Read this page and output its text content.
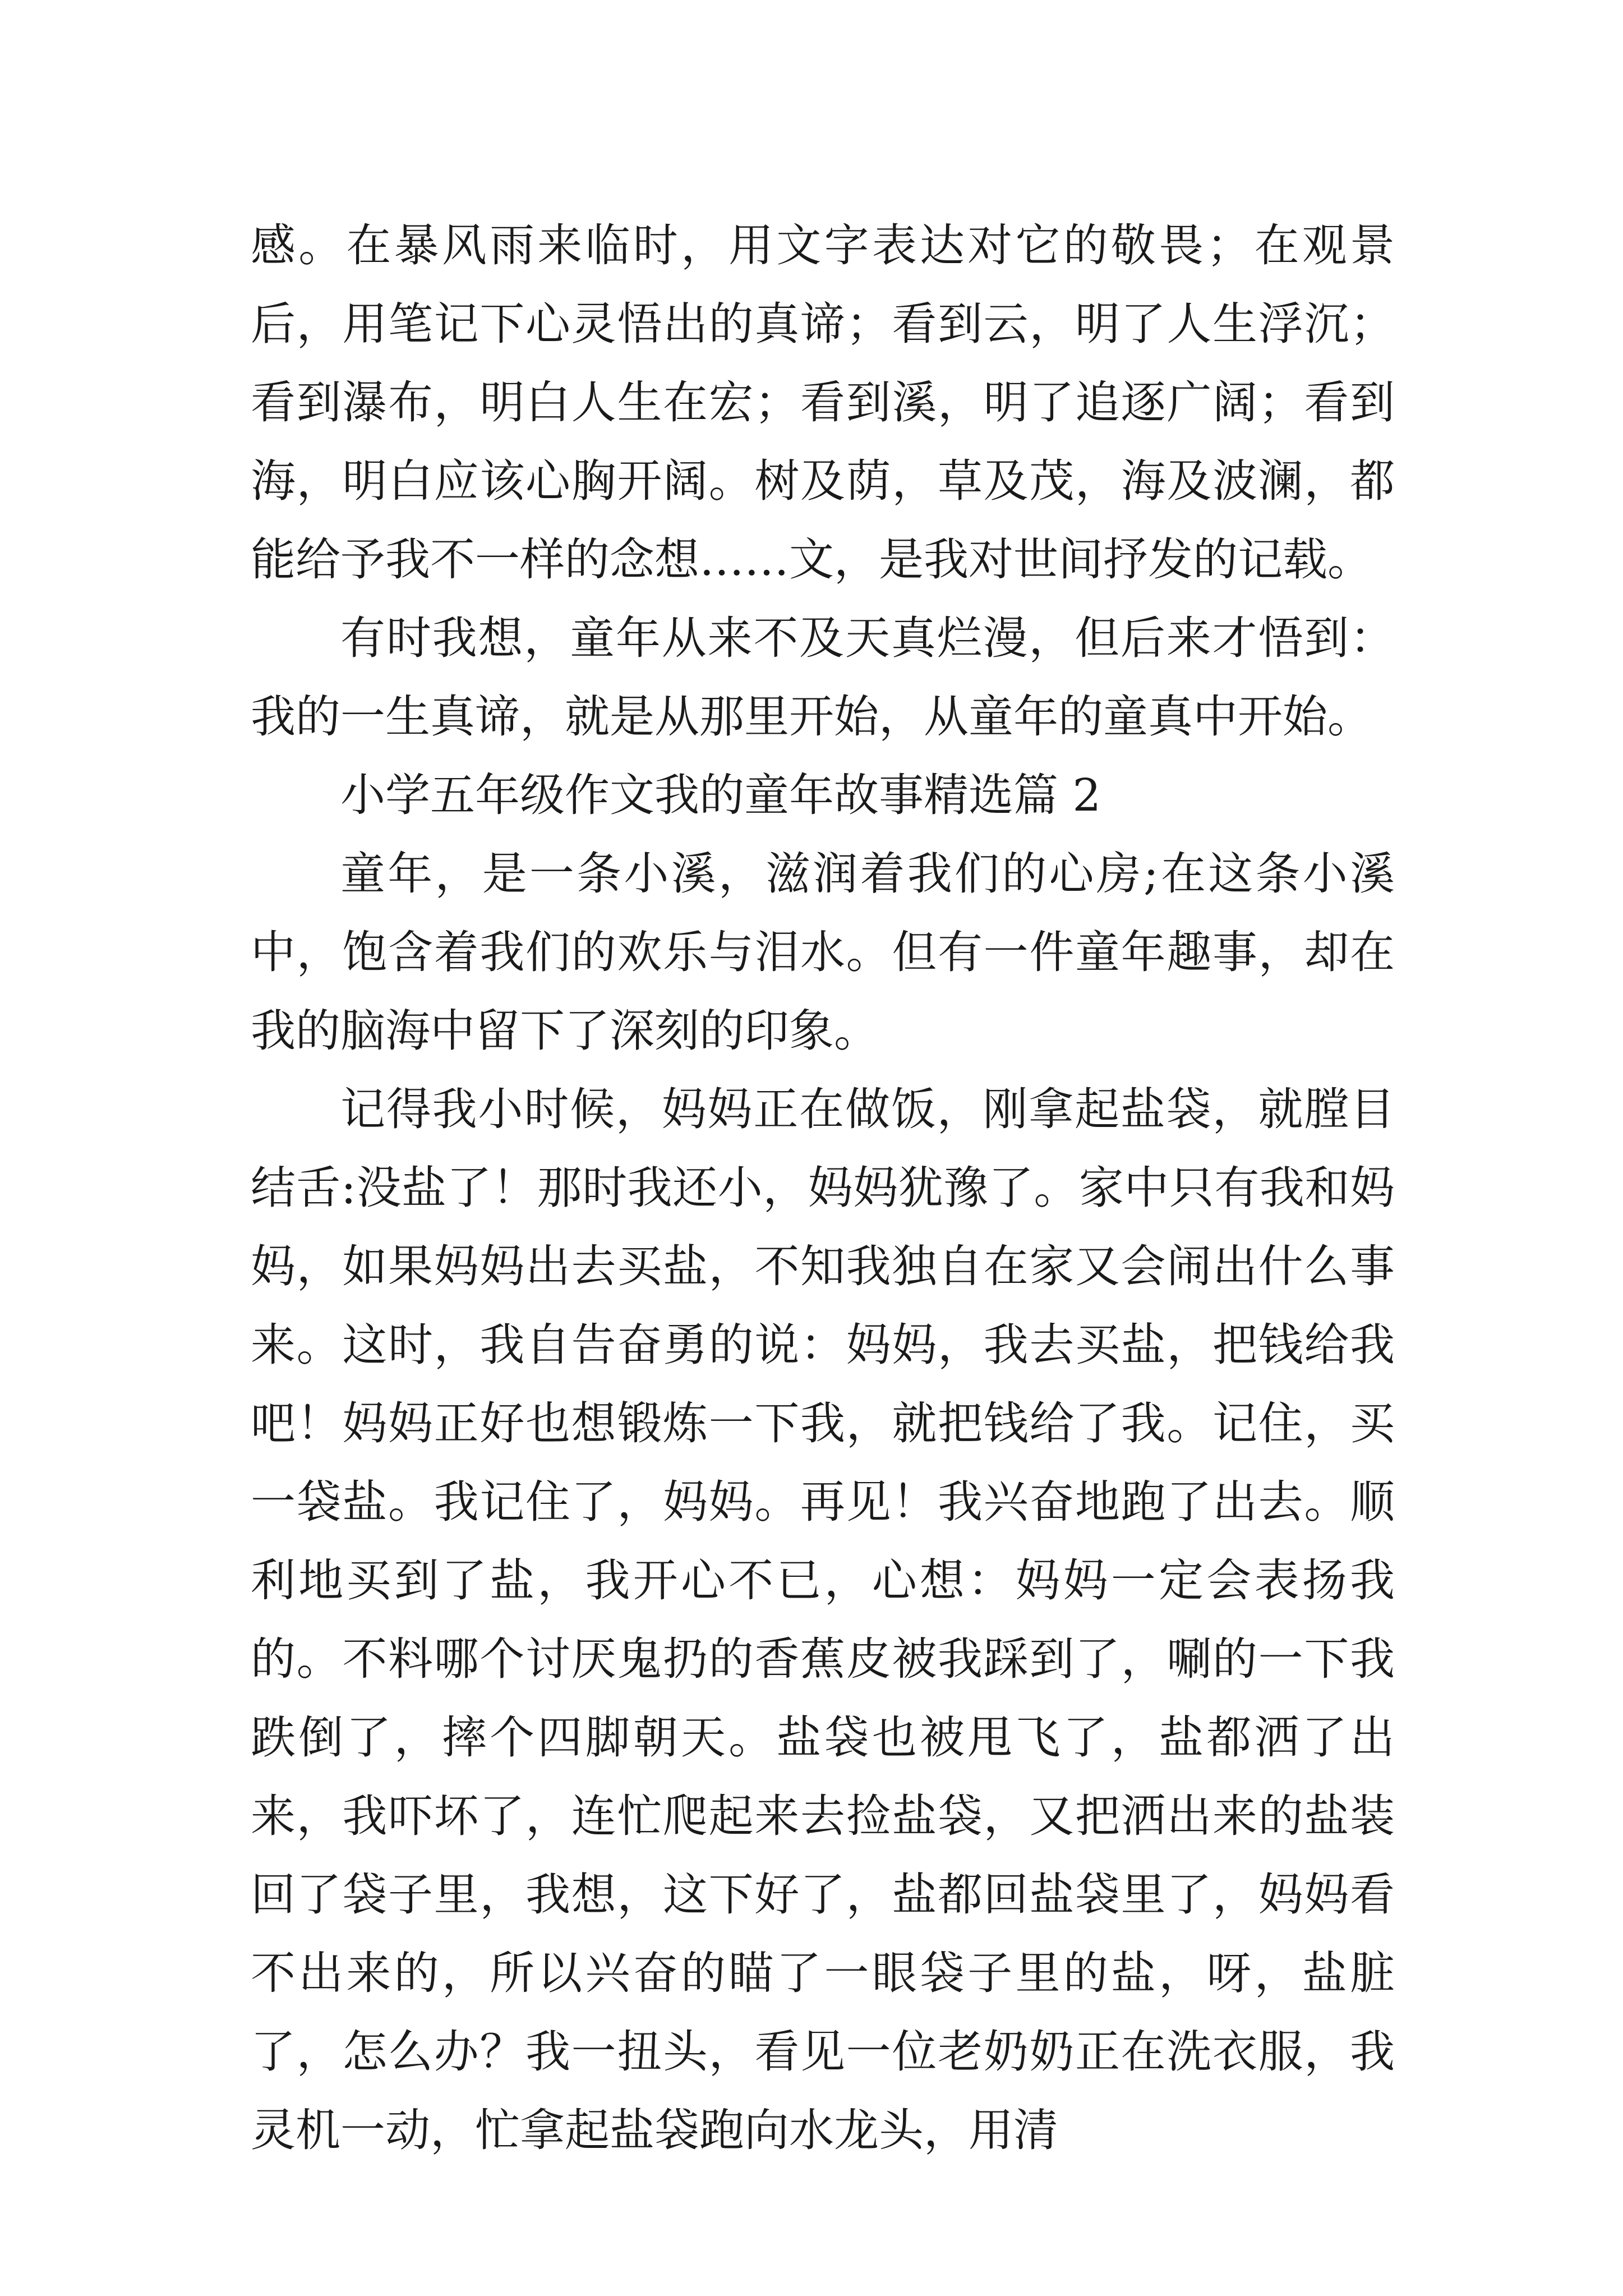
感。在暴风雨来临时，用文字表达对它的敬畏；在观景后，用笔记下心灵悟出的真谛；看到云，明了人生浮沉；看到瀑布，明白人生在宏；看到溪，明了追逐广阔；看到海，明白应该心胸开阔。树及荫，草及茂，海及波澜，都能给予我不一样的念想……文，是我对世间抒发的记载。

有时我想，童年从来不及天真烂漫，但后来才悟到：我的一生真谛，就是从那里开始，从童年的童真中开始。

小学五年级作文我的童年故事精选篇 2

童年，是一条小溪，滋润着我们的心房;在这条小溪中，饱含着我们的欢乐与泪水。但有一件童年趣事，却在我的脑海中留下了深刻的印象。

记得我小时候，妈妈正在做饭，刚拿起盐袋，就膛目结舌:没盐了！那时我还小，妈妈犹豫了。家中只有我和妈妈，如果妈妈出去买盐，不知我独自在家又会闹出什么事来。这时，我自告奋勇的说：妈妈，我去买盐，把钱给我吧！妈妈正好也想锻炼一下我，就把钱给了我。记住，买一袋盐。我记住了，妈妈。再见！我兴奋地跑了出去。顺利地买到了盐，我开心不已，心想：妈妈一定会表扬我的。不料哪个讨厌鬼扔的香蕉皮被我踩到了，唰的一下我跌倒了，摔个四脚朝天。盐袋也被甩飞了，盐都洒了出来，我吓坏了，连忙爬起来去捡盐袋，又把洒出来的盐装回了袋子里，我想，这下好了，盐都回盐袋里了，妈妈看不出来的，所以兴奋的瞄了一眼袋子里的盐，呀，盐脏了，怎么办？我一扭头，看见一位老奶奶正在洗衣服，我灵机一动，忙拿起盐袋跑向水龙头，用清
